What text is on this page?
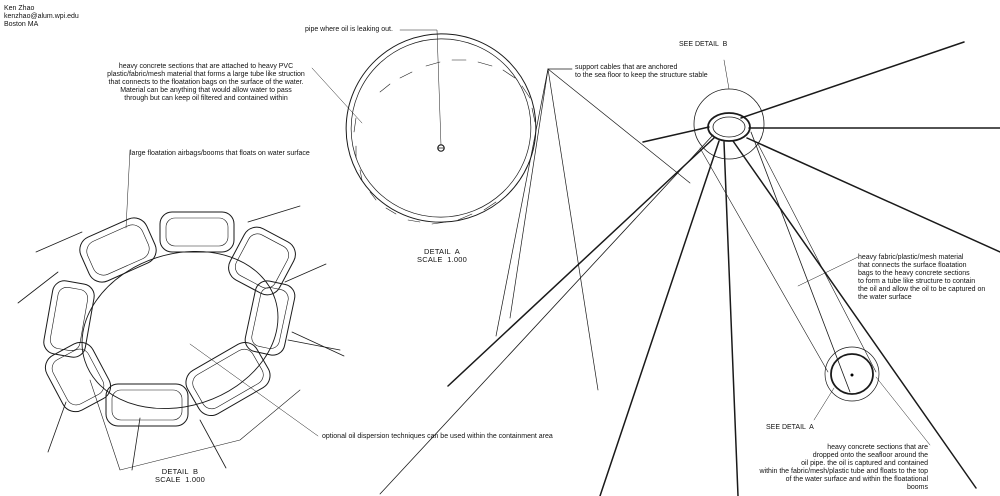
Ken Zhao
kenzhao@alum.wpi.edu
Boston MA
pipe where oil is leaking out.
heavy concrete sections that are attached to heavy PVC
plastic/fabric/mesh material that forms a large tube like struction
that connects to the floatation bags on the surface of the water.
Material can be anything that would allow water to pass
through but can keep oil filtered and contained within
support cables that are anchored
to the sea floor to keep the structure stable
SEE DETAIL  B
large floatation airbags/booms that floats on water surface
DETAIL  A
SCALE  1.000	heavy fabric/plastic/mesh material
that connects the surface floatation
bags to the heavy concrete sections
to form a tube like structure to contain
the oil and allow the oil to be captured on
the water surface
optional oil dispersion techniques can be used within the containment area
SEE DETAIL  A
heavy concrete sections that are
dropped onto the seafloor around the
oil pipe. the oil is captured and contained
within the fabric/mesh/plastic tube and floats to the top
of the water surface and within the floatational
booms
DETAIL  B
SCALE  1.000
